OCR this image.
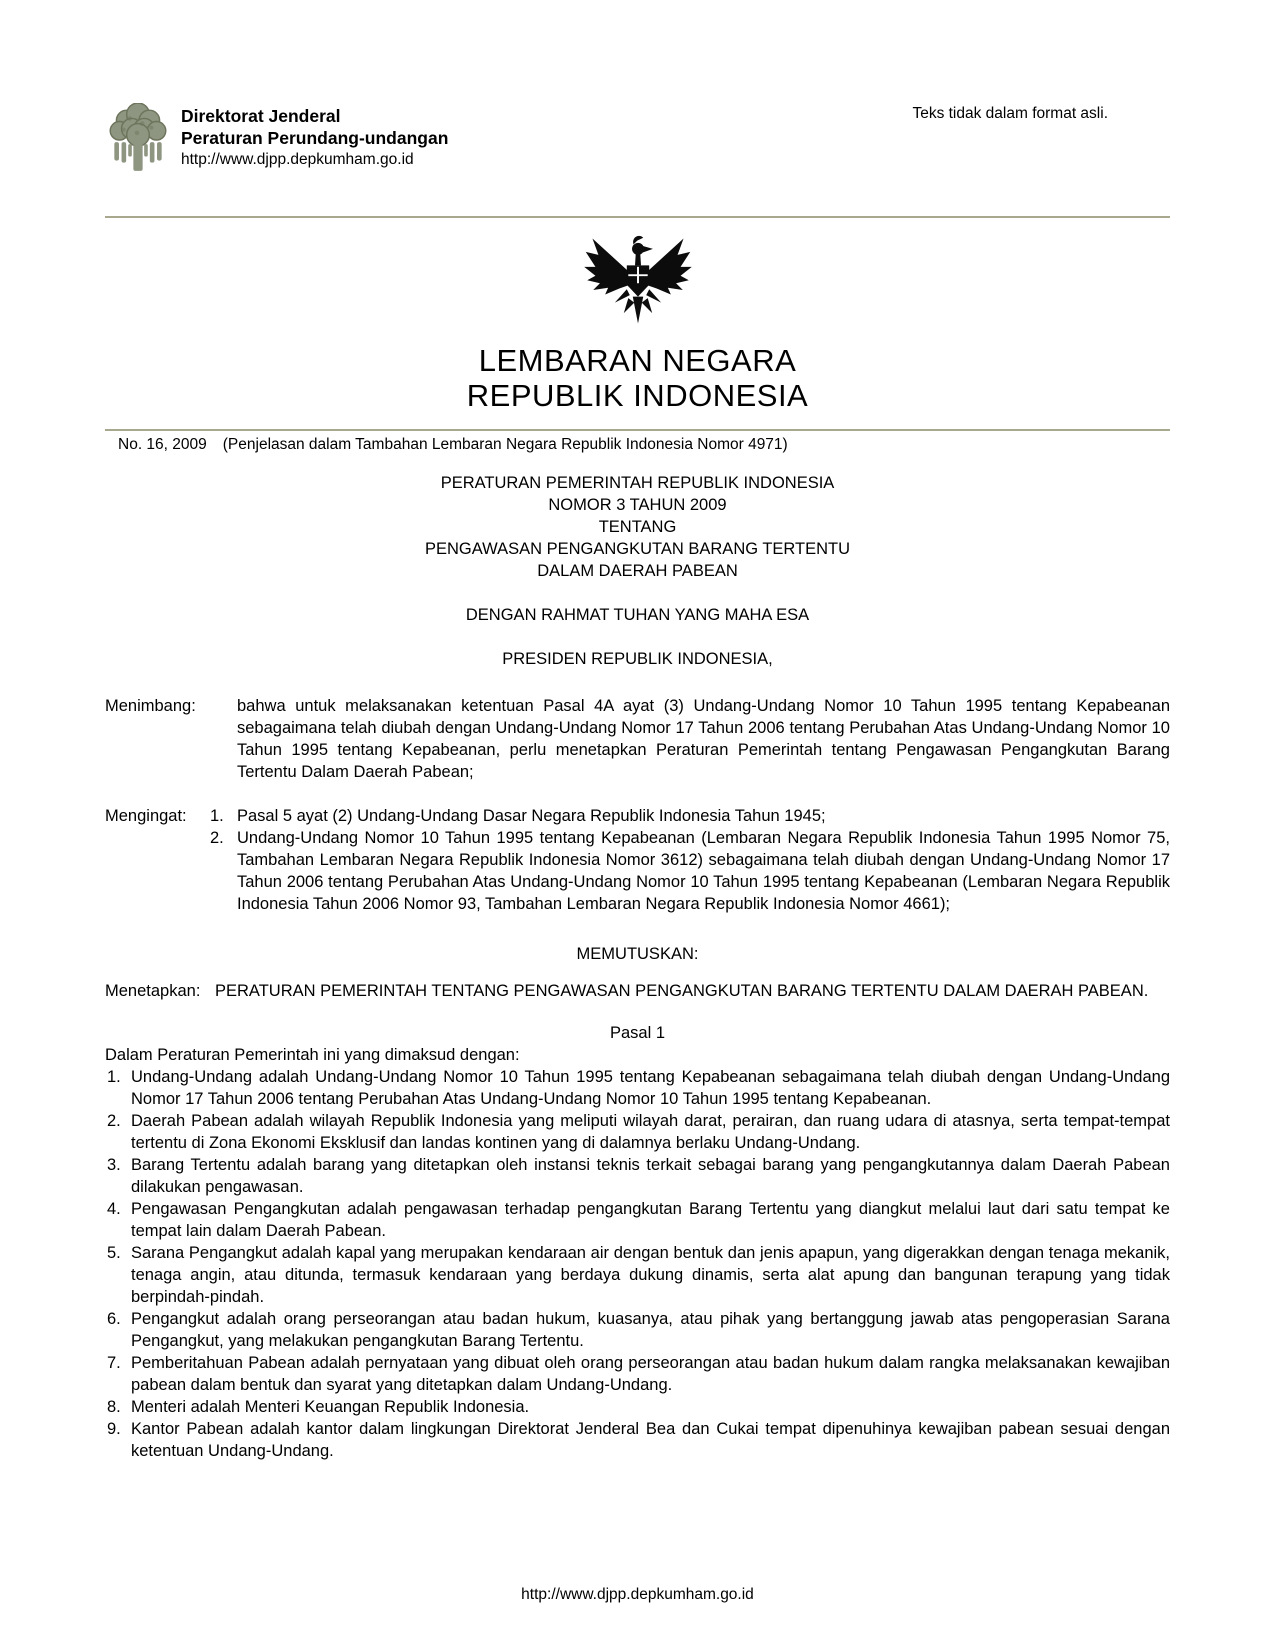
Direktorat Jenderal
Peraturan Perundang-undangan
http://www.djpp.depkumham.go.id
Teks tidak dalam format asli.
LEMBARAN NEGARA
REPUBLIK INDONESIA
No. 16, 2009 (Penjelasan dalam Tambahan Lembaran Negara Republik Indonesia Nomor 4971)
PERATURAN PEMERINTAH REPUBLIK INDONESIA
NOMOR 3 TAHUN 2009
TENTANG
PENGAWASAN PENGANGKUTAN BARANG TERTENTU
DALAM DAERAH PABEAN
DENGAN RAHMAT TUHAN YANG MAHA ESA
PRESIDEN REPUBLIK INDONESIA,
Menimbang:	bahwa untuk melaksanakan ketentuan Pasal 4A ayat (3) Undang-Undang Nomor 10 Tahun 1995 tentang Kepabeanan sebagaimana telah diubah dengan Undang-Undang Nomor 17 Tahun 2006 tentang Perubahan Atas Undang-Undang Nomor 10 Tahun 1995 tentang Kepabeanan, perlu menetapkan Peraturan Pemerintah tentang Pengawasan Pengangkutan Barang Tertentu Dalam Daerah Pabean;
Mengingat:	1. Pasal 5 ayat (2) Undang-Undang Dasar Negara Republik Indonesia Tahun 1945;
2. Undang-Undang Nomor 10 Tahun 1995 tentang Kepabeanan (Lembaran Negara Republik Indonesia Tahun 1995 Nomor 75, Tambahan Lembaran Negara Republik Indonesia Nomor 3612) sebagaimana telah diubah dengan Undang-Undang Nomor 17 Tahun 2006 tentang Perubahan Atas Undang-Undang Nomor 10 Tahun 1995 tentang Kepabeanan (Lembaran Negara Republik Indonesia Tahun 2006 Nomor 93, Tambahan Lembaran Negara Republik Indonesia Nomor 4661);
MEMUTUSKAN:
Menetapkan: PERATURAN PEMERINTAH TENTANG PENGAWASAN PENGANGKUTAN BARANG TERTENTU DALAM DAERAH PABEAN.
Pasal 1
Dalam Peraturan Pemerintah ini yang dimaksud dengan:
1. Undang-Undang adalah Undang-Undang Nomor 10 Tahun 1995 tentang Kepabeanan sebagaimana telah diubah dengan Undang-Undang Nomor 17 Tahun 2006 tentang Perubahan Atas Undang-Undang Nomor 10 Tahun 1995 tentang Kepabeanan.
2. Daerah Pabean adalah wilayah Republik Indonesia yang meliputi wilayah darat, perairan, dan ruang udara di atasnya, serta tempat-tempat tertentu di Zona Ekonomi Eksklusif dan landas kontinen yang di dalamnya berlaku Undang-Undang.
3. Barang Tertentu adalah barang yang ditetapkan oleh instansi teknis terkait sebagai barang yang pengangkutannya dalam Daerah Pabean dilakukan pengawasan.
4. Pengawasan Pengangkutan adalah pengawasan terhadap pengangkutan Barang Tertentu yang diangkut melalui laut dari satu tempat ke tempat lain dalam Daerah Pabean.
5. Sarana Pengangkut adalah kapal yang merupakan kendaraan air dengan bentuk dan jenis apapun, yang digerakkan dengan tenaga mekanik, tenaga angin, atau ditunda, termasuk kendaraan yang berdaya dukung dinamis, serta alat apung dan bangunan terapung yang tidak berpindah-pindah.
6. Pengangkut adalah orang perseorangan atau badan hukum, kuasanya, atau pihak yang bertanggung jawab atas pengoperasian Sarana Pengangkut, yang melakukan pengangkutan Barang Tertentu.
7. Pemberitahuan Pabean adalah pernyataan yang dibuat oleh orang perseorangan atau badan hukum dalam rangka melaksanakan kewajiban pabean dalam bentuk dan syarat yang ditetapkan dalam Undang-Undang.
8. Menteri adalah Menteri Keuangan Republik Indonesia.
9. Kantor Pabean adalah kantor dalam lingkungan Direktorat Jenderal Bea dan Cukai tempat dipenuhinya kewajiban pabean sesuai dengan ketentuan Undang-Undang.
http://www.djpp.depkumham.go.id
